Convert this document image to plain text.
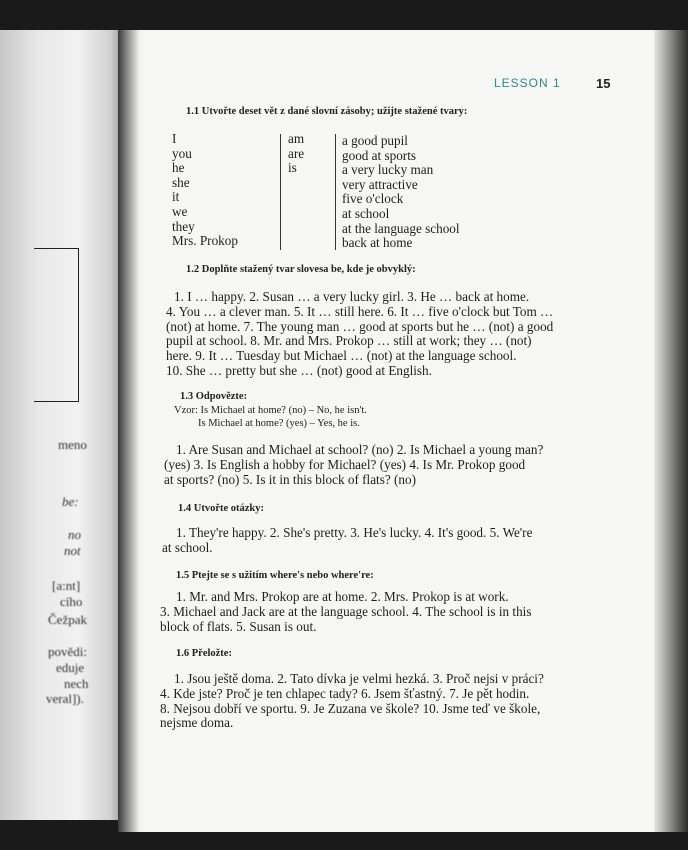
meno
be:
no
not
[a:nt]
cího
Čežpak
povědi:
eduje
nech
veral]).
LESSON 1	15
1.1 Utvořte deset vět z dané slovní zásoby; užijte stažené tvary:
I
you
he
she
it
we
they
Mrs. Prokop
am
are
is
a good pupil
good at sports
a very lucky man
very attractive
five o'clock
at school
at the language school
back at home
1.2 Doplňte stažený tvar slovesa be, kde je obvyklý:
1. I … happy. 2. Susan … a very lucky girl. 3. He … back at home.
4. You … a clever man. 5. It … still here. 6. It … five o'clock but Tom …
(not) at home. 7. The young man … good at sports but he … (not) a good
pupil at school. 8. Mr. and Mrs. Prokop … still at work; they … (not)
here. 9. It … Tuesday but Michael … (not) at the language school.
10. She … pretty but she … (not) good at English.
1.3 Odpovězte:
Vzor: Is Michael at home? (no) – No, he isn't.
Is Michael at home? (yes) – Yes, he is.
1. Are Susan and Michael at school? (no) 2. Is Michael a young man?
(yes) 3. Is English a hobby for Michael? (yes) 4. Is Mr. Prokop good
at sports? (no) 5. Is it in this block of flats? (no)
1.4 Utvořte otázky:
1. They're happy. 2. She's pretty. 3. He's lucky. 4. It's good. 5. We're
at school.
1.5 Ptejte se s užitím where's nebo where're:
1. Mr. and Mrs. Prokop are at home. 2. Mrs. Prokop is at work.
3. Michael and Jack are at the language school. 4. The school is in this
block of flats. 5. Susan is out.
1.6 Přeložte:
1. Jsou ještě doma. 2. Tato dívka je velmi hezká. 3. Proč nejsi v práci?
4. Kde jste? Proč je ten chlapec tady? 6. Jsem šťastný. 7. Je pět hodin.
8. Nejsou dobří ve sportu. 9. Je Zuzana ve škole? 10. Jsme teď ve škole,
nejsme doma.
